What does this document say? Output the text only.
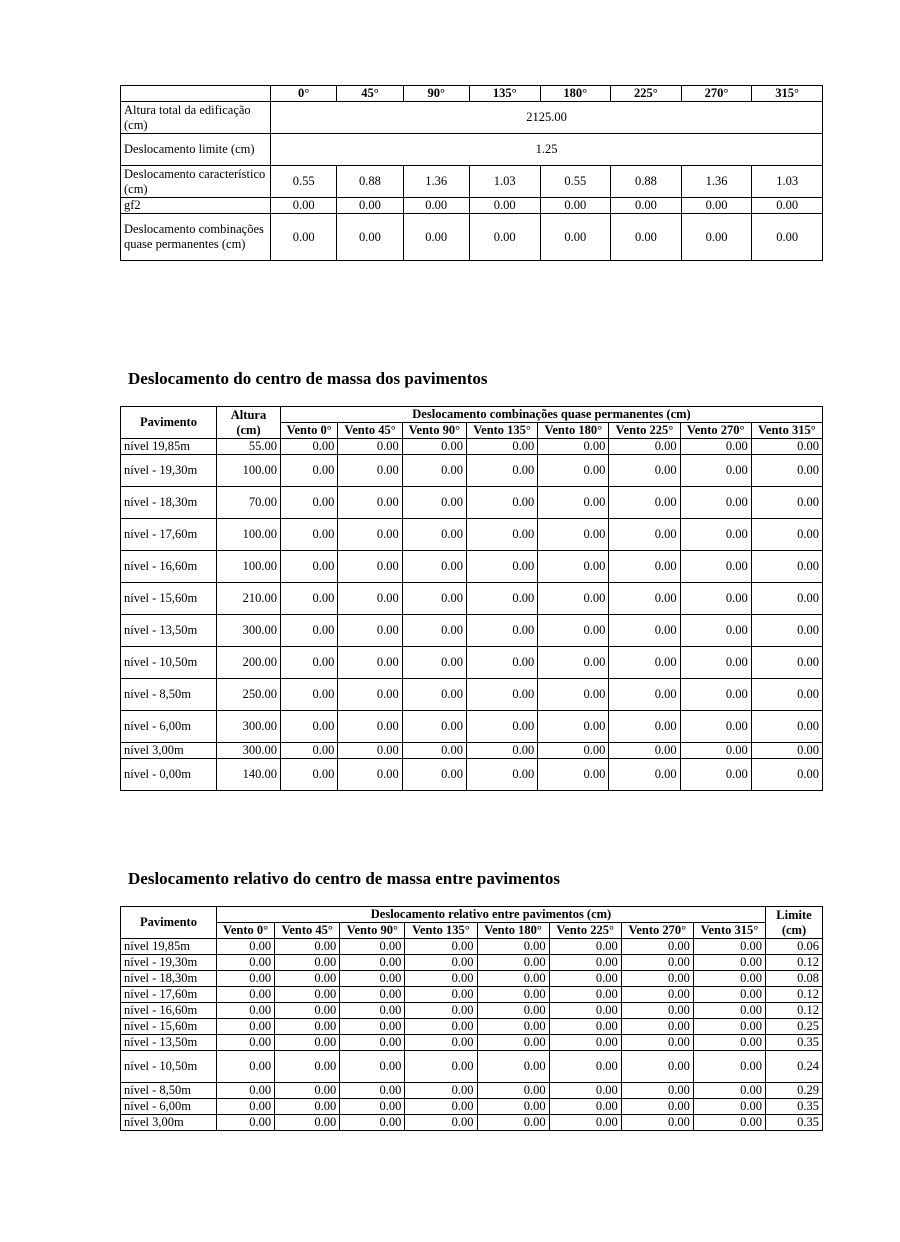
	0°	45°	90°	135°	180°	225°	270°	315°
Altura total da edificação (cm)	2125.00							
Deslocamento limite (cm)	1.25							
Deslocamento característico (cm)	0.55	0.88	1.36	1.03	0.55	0.88	1.36	1.03
gf2	0.00	0.00	0.00	0.00	0.00	0.00	0.00	0.00
Deslocamento combinações quase permanentes (cm)	0.00	0.00	0.00	0.00	0.00	0.00	0.00	0.00
Deslocamento do centro de massa dos pavimentos
Pavimento	Altura (cm)	Deslocamento combinações quase permanentes (cm)							
		Vento 0°	Vento 45°	Vento 90°	Vento 135°	Vento 180°	Vento 225°	Vento 270°	Vento 315°
nível 19,85m	55.00	0.00	0.00	0.00	0.00	0.00	0.00	0.00	0.00
nível - 19,30m	100.00	0.00	0.00	0.00	0.00	0.00	0.00	0.00	0.00
nível - 18,30m	70.00	0.00	0.00	0.00	0.00	0.00	0.00	0.00	0.00
nível - 17,60m	100.00	0.00	0.00	0.00	0.00	0.00	0.00	0.00	0.00
nível - 16,60m	100.00	0.00	0.00	0.00	0.00	0.00	0.00	0.00	0.00
nível - 15,60m	210.00	0.00	0.00	0.00	0.00	0.00	0.00	0.00	0.00
nível - 13,50m	300.00	0.00	0.00	0.00	0.00	0.00	0.00	0.00	0.00
nível - 10,50m	200.00	0.00	0.00	0.00	0.00	0.00	0.00	0.00	0.00
nível - 8,50m	250.00	0.00	0.00	0.00	0.00	0.00	0.00	0.00	0.00
nível - 6,00m	300.00	0.00	0.00	0.00	0.00	0.00	0.00	0.00	0.00
nível 3,00m	300.00	0.00	0.00	0.00	0.00	0.00	0.00	0.00	0.00
nível - 0,00m	140.00	0.00	0.00	0.00	0.00	0.00	0.00	0.00	0.00
Deslocamento relativo do centro de massa entre pavimentos
Pavimento	Deslocamento relativo entre pavimentos (cm)								Limite (cm)
	Vento 0°	Vento 45°	Vento 90°	Vento 135°	Vento 180°	Vento 225°	Vento 270°	Vento 315°	
nível 19,85m	0.00	0.00	0.00	0.00	0.00	0.00	0.00	0.00	0.06
nível - 19,30m	0.00	0.00	0.00	0.00	0.00	0.00	0.00	0.00	0.12
nível - 18,30m	0.00	0.00	0.00	0.00	0.00	0.00	0.00	0.00	0.08
nível - 17,60m	0.00	0.00	0.00	0.00	0.00	0.00	0.00	0.00	0.12
nível - 16,60m	0.00	0.00	0.00	0.00	0.00	0.00	0.00	0.00	0.12
nível - 15,60m	0.00	0.00	0.00	0.00	0.00	0.00	0.00	0.00	0.25
nível - 13,50m	0.00	0.00	0.00	0.00	0.00	0.00	0.00	0.00	0.35
nível - 10,50m	0.00	0.00	0.00	0.00	0.00	0.00	0.00	0.00	0.24
nível - 8,50m	0.00	0.00	0.00	0.00	0.00	0.00	0.00	0.00	0.29
nível - 6,00m	0.00	0.00	0.00	0.00	0.00	0.00	0.00	0.00	0.35
nível 3,00m	0.00	0.00	0.00	0.00	0.00	0.00	0.00	0.00	0.35
